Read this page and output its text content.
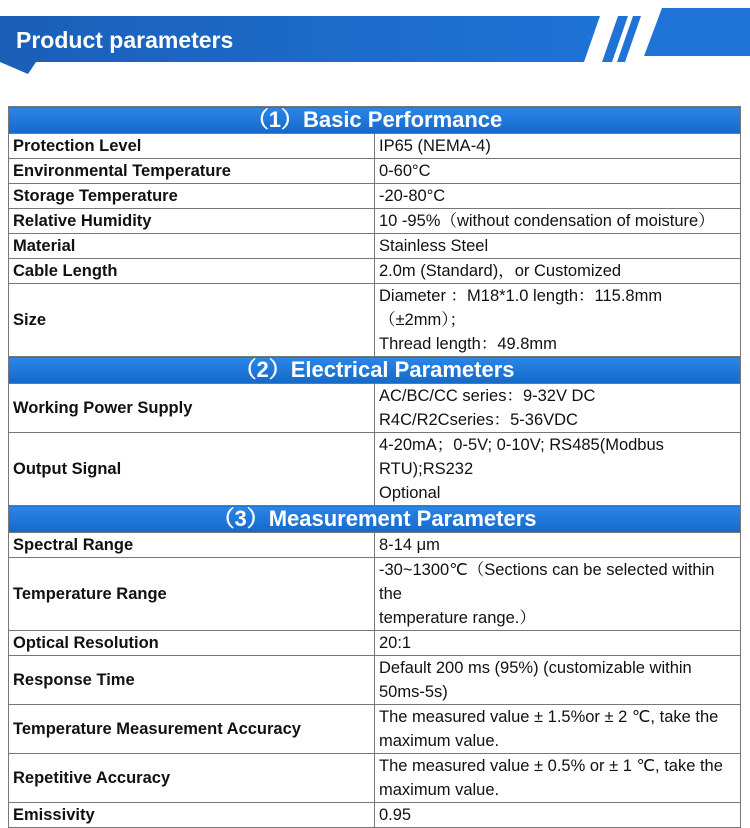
Product parameters
（1）Basic Performance	
Protection Level	IP65 (NEMA-4)

Environmental Temperature	0-60°C

Storage Temperature	-20-80°C

Relative Humidity	10 -95%（without condensation of moisture）

Material	Stainless Steel

Cable Length	2.0m (Standard)，or Customized

Size	Diameter ：M18*1.0 length：115.8mm（±2mm）；
Thread length：49.8mm

（2）Electrical Parameters	
Working Power Supply	AC/BC/CC series：9-32V DC
R4C/R2Cseries：5-36VDC

Output Signal	4-20mA；0-5V; 0-10V; RS485(Modbus RTU);RS232
Optional

（3）Measurement Parameters	
Spectral Range	8-14 μm

Temperature Range	-30~1300℃（Sections can be selected within the
temperature range.）

Optical Resolution	20:1

Response Time	Default 200 ms (95%) (customizable within 50ms-5s)

Temperature Measurement Accuracy	The measured value ± 1.5%or ± 2 ℃, take the
maximum value.

Repetitive Accuracy	The measured value ± 0.5% or ± 1 ℃, take the
maximum value.

Emissivity	0.95
